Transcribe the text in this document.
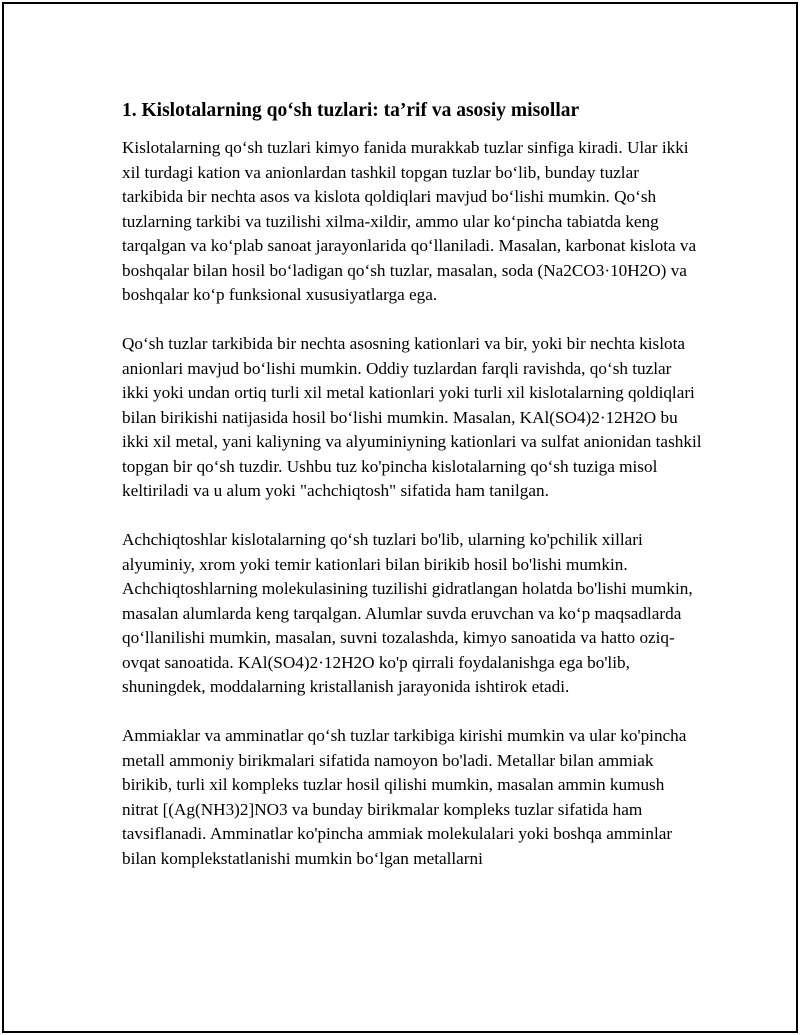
1. Kislotalarning qo‘sh tuzlari: ta’rif va asosiy misollar

Kislotalarning qo‘sh tuzlari kimyo fanida murakkab tuzlar sinfiga kiradi. Ular ikki xil turdagi kation va anionlardan tashkil topgan tuzlar bo‘lib, bunday tuzlar tarkibida bir nechta asos va kislota qoldiqlari mavjud bo‘lishi mumkin. Qo‘sh tuzlarning tarkibi va tuzilishi xilma-xildir, ammo ular ko‘pincha tabiatda keng tarqalgan va ko‘plab sanoat jarayonlarida qo‘llaniladi. Masalan, karbonat kislota va boshqalar bilan hosil bo‘ladigan qo‘sh tuzlar, masalan, soda (Na2CO3·10H2O) va boshqalar ko‘p funksional xususiyatlarga ega.

Qo‘sh tuzlar tarkibida bir nechta asosning kationlari va bir, yoki bir nechta kislota anionlari mavjud bo‘lishi mumkin. Oddiy tuzlardan farqli ravishda, qo‘sh tuzlar ikki yoki undan ortiq turli xil metal kationlari yoki turli xil kislotalarning qoldiqlari bilan birikishi natijasida hosil bo‘lishi mumkin. Masalan, KAl(SO4)2·12H2O bu ikki xil metal, yani kaliyning va alyuminiyning kationlari va sulfat anionidan tashkil topgan bir qo‘sh tuzdir. Ushbu tuz ko'pincha kislotalarning qo‘sh tuziga misol keltiriladi va u alum yoki "achchiqtosh" sifatida ham tanilgan.

Achchiqtoshlar kislotalarning qo‘sh tuzlari bo'lib, ularning ko'pchilik xillari alyuminiy, xrom yoki temir kationlari bilan birikib hosil bo'lishi mumkin. Achchiqtoshlarning molekulasining tuzilishi gidratlangan holatda bo'lishi mumkin, masalan alumlarda keng tarqalgan. Alumlar suvda eruvchan va ko‘p maqsadlarda qo‘llanilishi mumkin, masalan, suvni tozalashda, kimyo sanoatida va hatto oziq-ovqat sanoatida. KAl(SO4)2·12H2O ko'p qirrali foydalanishga ega bo'lib, shuningdek, moddalarning kristallanish jarayonida ishtirok etadi.

Ammiaklar va amminatlar qo‘sh tuzlar tarkibiga kirishi mumkin va ular ko'pincha metall ammoniy birikmalari sifatida namoyon bo'ladi. Metallar bilan ammiak birikib, turli xil kompleks tuzlar hosil qilishi mumkin, masalan ammin kumush nitrat [(Ag(NH3)2]NO3 va bunday birikmalar kompleks tuzlar sifatida ham tavsiflanadi. Amminatlar ko'pincha ammiak molekulalari yoki boshqa amminlar bilan komplekstatlanishi mumkin bo‘lgan metallarni
